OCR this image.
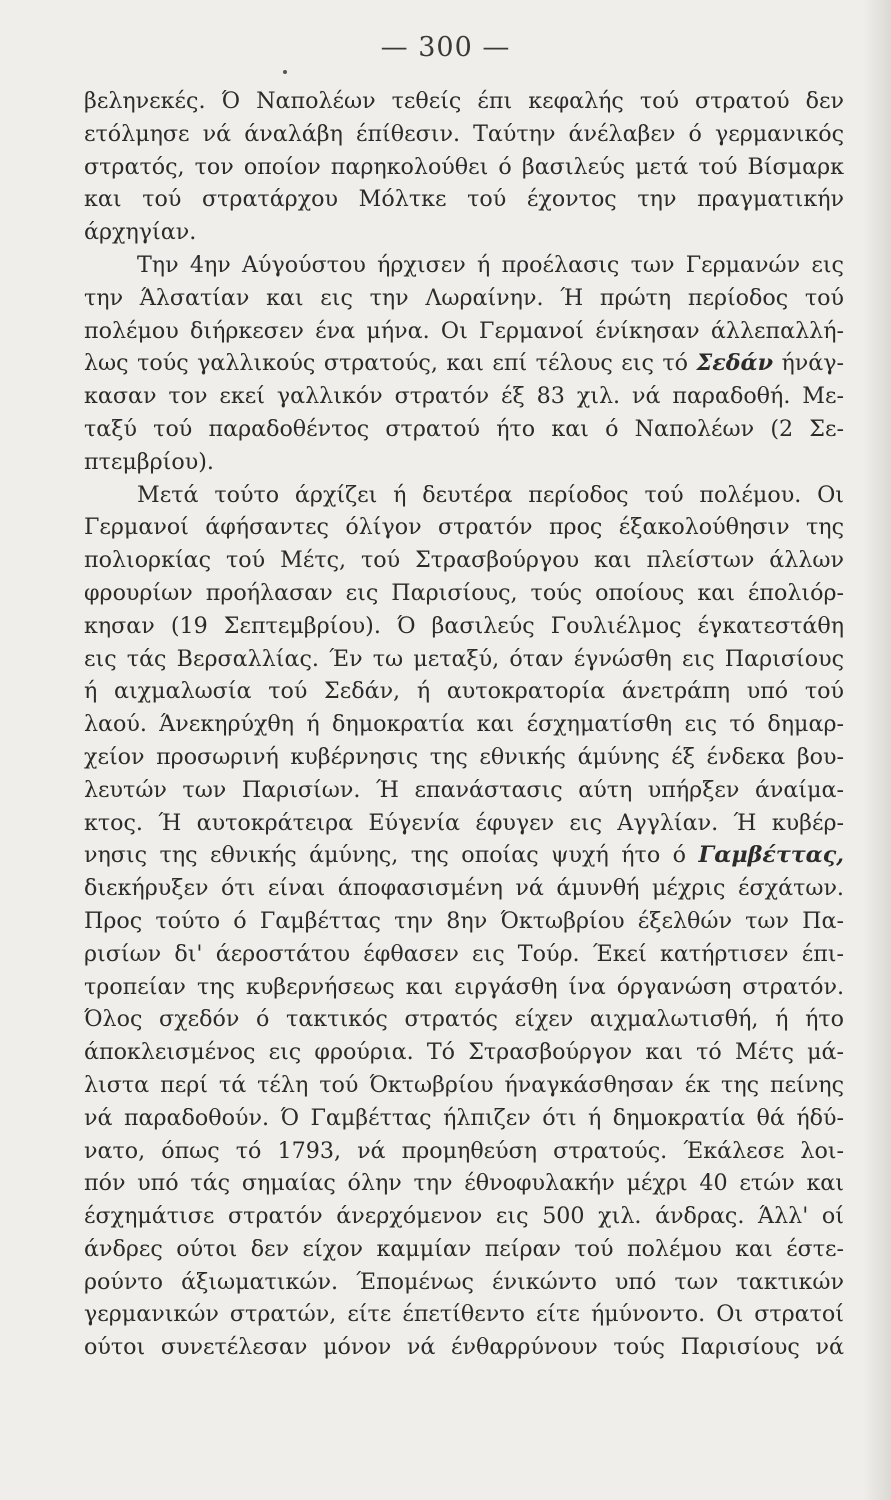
— 300 —

βεληνεκές. Ό Ναπολέων τεθείς έπι κεφαλής τού στρατού δεν
ετόλμησε νά άναλάβη έπίθεσιν. Ταύτην άνέλαβεν ό γερμανικός
στρατός, τον οποίον παρηκολούθει ό βασιλεύς μετά τού Βίσμαρκ
και τού στρατάρχου Μόλτκε τού έχοντος την πραγματικήν
άρχηγίαν.

Την 4ην Αύγούστου ήρχισεν ή προέλασις των Γερμανών εις
την Άλσατίαν και εις την Λωραίνην. Ή πρώτη περίοδος τού
πολέμου διήρκεσεν ένα μήνα. Οι Γερμανοί ένίκησαν άλλεπαλλή-
λως τούς γαλλικούς στρατούς, και επί τέλους εις τό Σεδάν ήνάγ-
κασαν τον εκεί γαλλικόν στρατόν έξ 83 χιλ. νά παραδοθή. Με-
ταξύ τού παραδοθέντος στρατού ήτο και ό Ναπολέων (2 Σε-
πτεμβρίου).

Μετά τούτο άρχίζει ή δευτέρα περίοδος τού πολέμου. Οι
Γερμανοί άφήσαντες όλίγον στρατόν προς έξακολούθησιν της
πολιορκίας τού Μέτς, τού Στρασβούργου και πλείστων άλλων
φρουρίων προήλασαν εις Παρισίους, τούς οποίους και έπολιόρ-
κησαν (19 Σεπτεμβρίου). Ό βασιλεύς Γουλιέλμος έγκατεστάθη
εις τάς Βερσαλλίας. Έν τω μεταξύ, όταν έγνώσθη εις Παρισίους
ή αιχμαλωσία τού Σεδάν, ή αυτοκρατορία άνετράπη υπό τού
λαού. Άνεκηρύχθη ή δημοκρατία και έσχηματίσθη εις τό δημαρ-
χείον προσωρινή κυβέρνησις της εθνικής άμύνης έξ ένδεκα βου-
λευτών των Παρισίων. Ή επανάστασις αύτη υπήρξεν άναίμα-
κτος. Ή αυτοκράτειρα Εύγενία έφυγεν εις Αγγλίαν. Ή κυβέρ-
νησις της εθνικής άμύνης, της οποίας ψυχή ήτο ό Γαμβέττας,
διεκήρυξεν ότι είναι άποφασισμένη νά άμυνθή μέχρις έσχάτων.
Προς τούτο ό Γαμβέττας την 8ην Όκτωβρίου έξελθών των Πα-
ρισίων δι' άεροστάτου έφθασεν εις Τούρ. Έκεί κατήρτισεν έπι-
τροπείαν της κυβερνήσεως και ειργάσθη ίνα όργανώση στρατόν.
Όλος σχεδόν ό τακτικός στρατός είχεν αιχμαλωτισθή, ή ήτο
άποκλεισμένος εις φρούρια. Τό Στρασβούργον και τό Μέτς μά-
λιστα περί τά τέλη τού Όκτωβρίου ήναγκάσθησαν έκ της πείνης
νά παραδοθούν. Ό Γαμβέττας ήλπιζεν ότι ή δημοκρατία θά ήδύ-
νατο, όπως τό 1793, νά προμηθεύση στρατούς. Έκάλεσε λοι-
πόν υπό τάς σημαίας όλην την έθνοφυλακήν μέχρι 40 ετών και
έσχημάτισε στρατόν άνερχόμενον εις 500 χιλ. άνδρας. Άλλ' οί
άνδρες ούτοι δεν είχον καμμίαν πείραν τού πολέμου και έστε-
ρούντο άξιωματικών. Έπομένως ένικώντο υπό των τακτικών
γερμανικών στρατών, είτε έπετίθεντο είτε ήμύνοντο. Οι στρατοί
ούτοι συνετέλεσαν μόνον νά ένθαρρύνουν τούς Παρισίους νά
